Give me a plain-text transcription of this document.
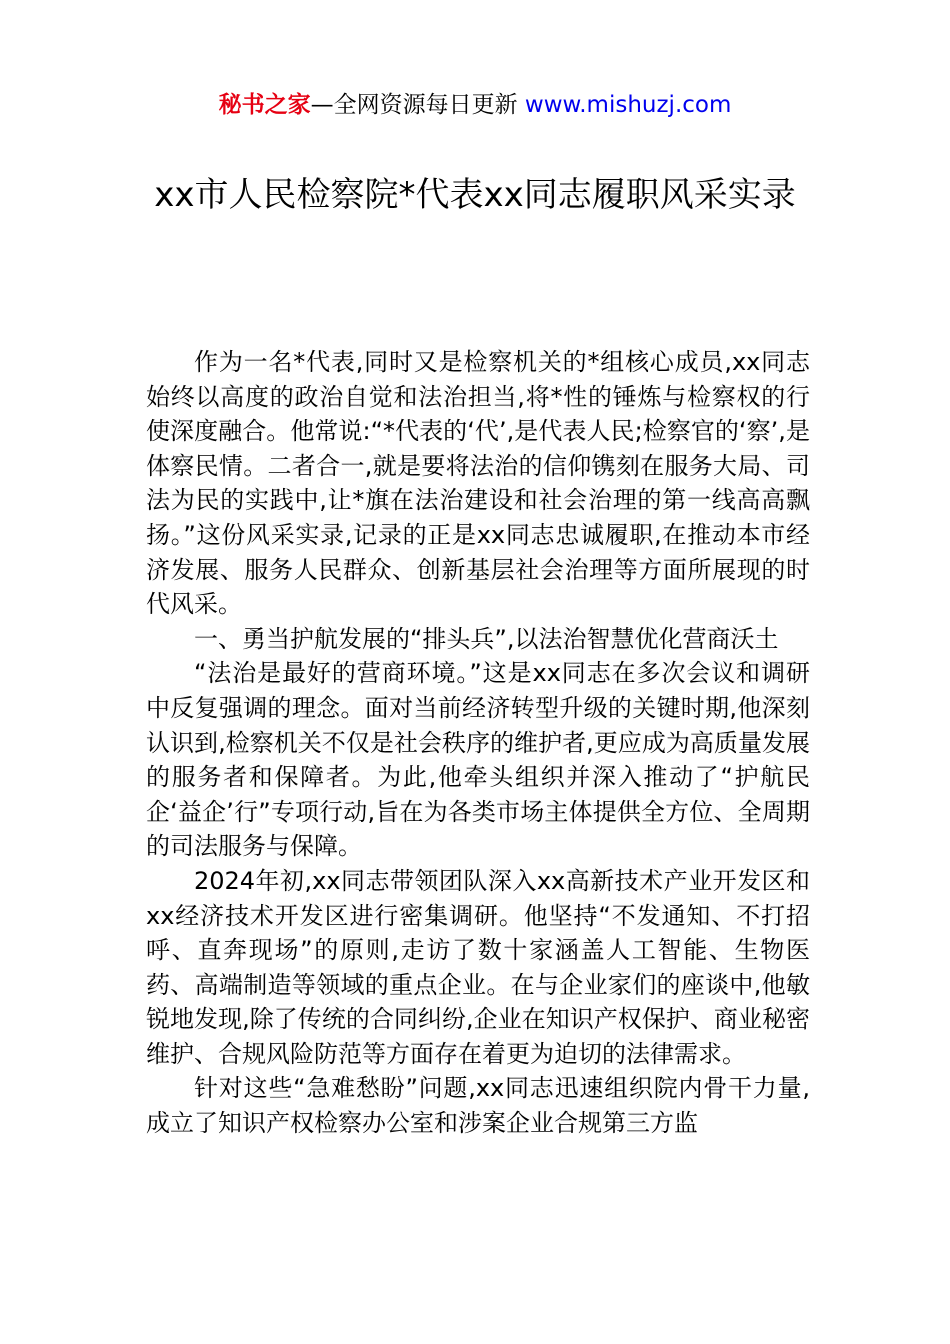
秘书之家—全网资源每日更新 www.mishuzj.com
xx市人民检察院*代表xx同志履职风采实录

作为一名*代表,同时又是检察机关的*组核心成员,xx同志始终以高度的政治自觉和法治担当,将*性的锤炼与检察权的行使深度融合。他常说:“*代表的‘代’,是代表人民;检察官的‘察’,是体察民情。二者合一,就是要将法治的信仰镌刻在服务大局、司法为民的实践中,让*旗在法治建设和社会治理的第一线高高飘扬。”这份风采实录,记录的正是xx同志忠诚履职,在推动本市经济发展、服务人民群众、创新基层社会治理等方面所展现的时代风采。

一、勇当护航发展的“排头兵”,以法治智慧优化营商沃土

“法治是最好的营商环境。”这是xx同志在多次会议和调研中反复强调的理念。面对当前经济转型升级的关键时期,他深刻认识到,检察机关不仅是社会秩序的维护者,更应成为高质量发展的服务者和保障者。为此,他牵头组织并深入推动了“护航民企‘益企’行”专项行动,旨在为各类市场主体提供全方位、全周期的司法服务与保障。

2024年初,xx同志带领团队深入xx高新技术产业开发区和xx经济技术开发区进行密集调研。他坚持“不发通知、不打招呼、直奔现场”的原则,走访了数十家涵盖人工智能、生物医药、高端制造等领域的重点企业。在与企业家们的座谈中,他敏锐地发现,除了传统的合同纠纷,企业在知识产权保护、商业秘密维护、合规风险防范等方面存在着更为迫切的法律需求。

针对这些“急难愁盼”问题,xx同志迅速组织院内骨干力量,成立了知识产权检察办公室和涉案企业合规第三方监
